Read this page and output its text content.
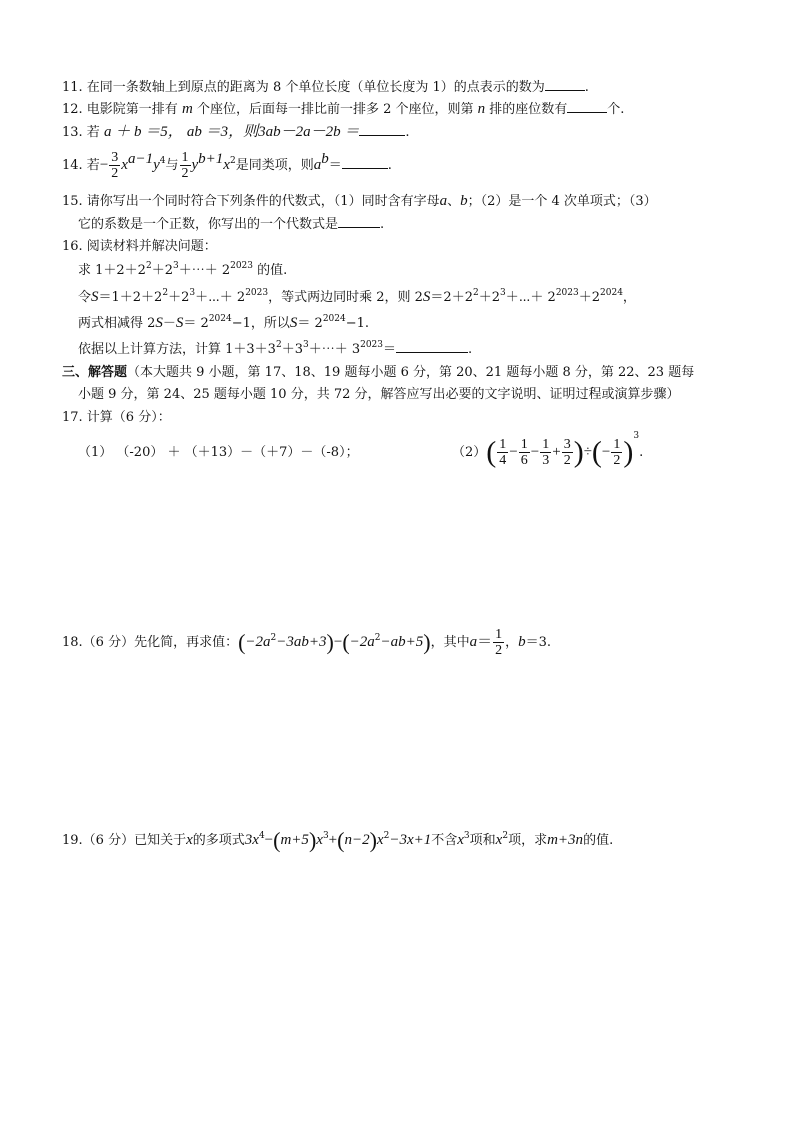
11. 在同一条数轴上到原点的距离为 8 个单位长度（单位长度为 1）的点表示的数为	.
12. 电影院第一排有 m 个座位，后面每一排比前一排多 2 个座位，则第 n 排的座位数有	个.
13. 若 a ＋ b ＝5， ab ＝3，则3ab－2a－2b ＝	.
14. 若− $\frac{3}{2} x^{a-1}y^4$与 $\frac{1}{2} y^{b+1}x^2$是同类项，则$a^b=$	.
15. 请你写出一个同时符合下列条件的代数式，（1）同时含有字母a、b；（2）是一个 4 次单项式；（3）
它的系数是一个正数，你写出的一个代数式是	.
16. 阅读材料并解决问题：
求 $1+2+2^2+2^3+\cdots+ 2^{2023}$ 的值.
令$S=1+2+2^2+2^3+\cdots+ 2^{2023}$，等式两边同时乘 2，则 $2S=2+2^2+2^3+\cdots+ 2^{2023}+2^{2024}$，
两式相减得 $2S-S= 2^{2024}-1$，所以$S= 2^{2024}-1$.
依据以上计算方法，计算 $1+3+3^2+3^3+\cdots+ 3^{2023}=$	.
三、解答题（本大题共 9 小题，第 17、18、19 题每小题 6 分，第 20、21 题每小题 8 分，第 22、23 题每
小题 9 分，第 24、25 题每小题 10 分，共 72 分，解答应写出必要的文字说明、证明过程或演算步骤）
17. 计算（6 分）：
（1） （-20） ＋ （＋13）－（＋7）－（-8）；	$(2)( \frac{1}{4} - \frac{1}{6} - \frac{1}{3} + \frac{3}{2}$ )÷(− $\frac{1}{2} )^3$.
18.（6 分）先化简，再求值：$(-2a^2-3ab+3)-(-2a^2-ab+5)$，其中$a= \frac{1}{2}$ ，b＝3.
19.（6 分）已知关于x的多项式$3x^4-(m+5)x^3+(n-2)x^2-3x+1$不含$x^3$项和$x^2$项，求m+3n的值.
